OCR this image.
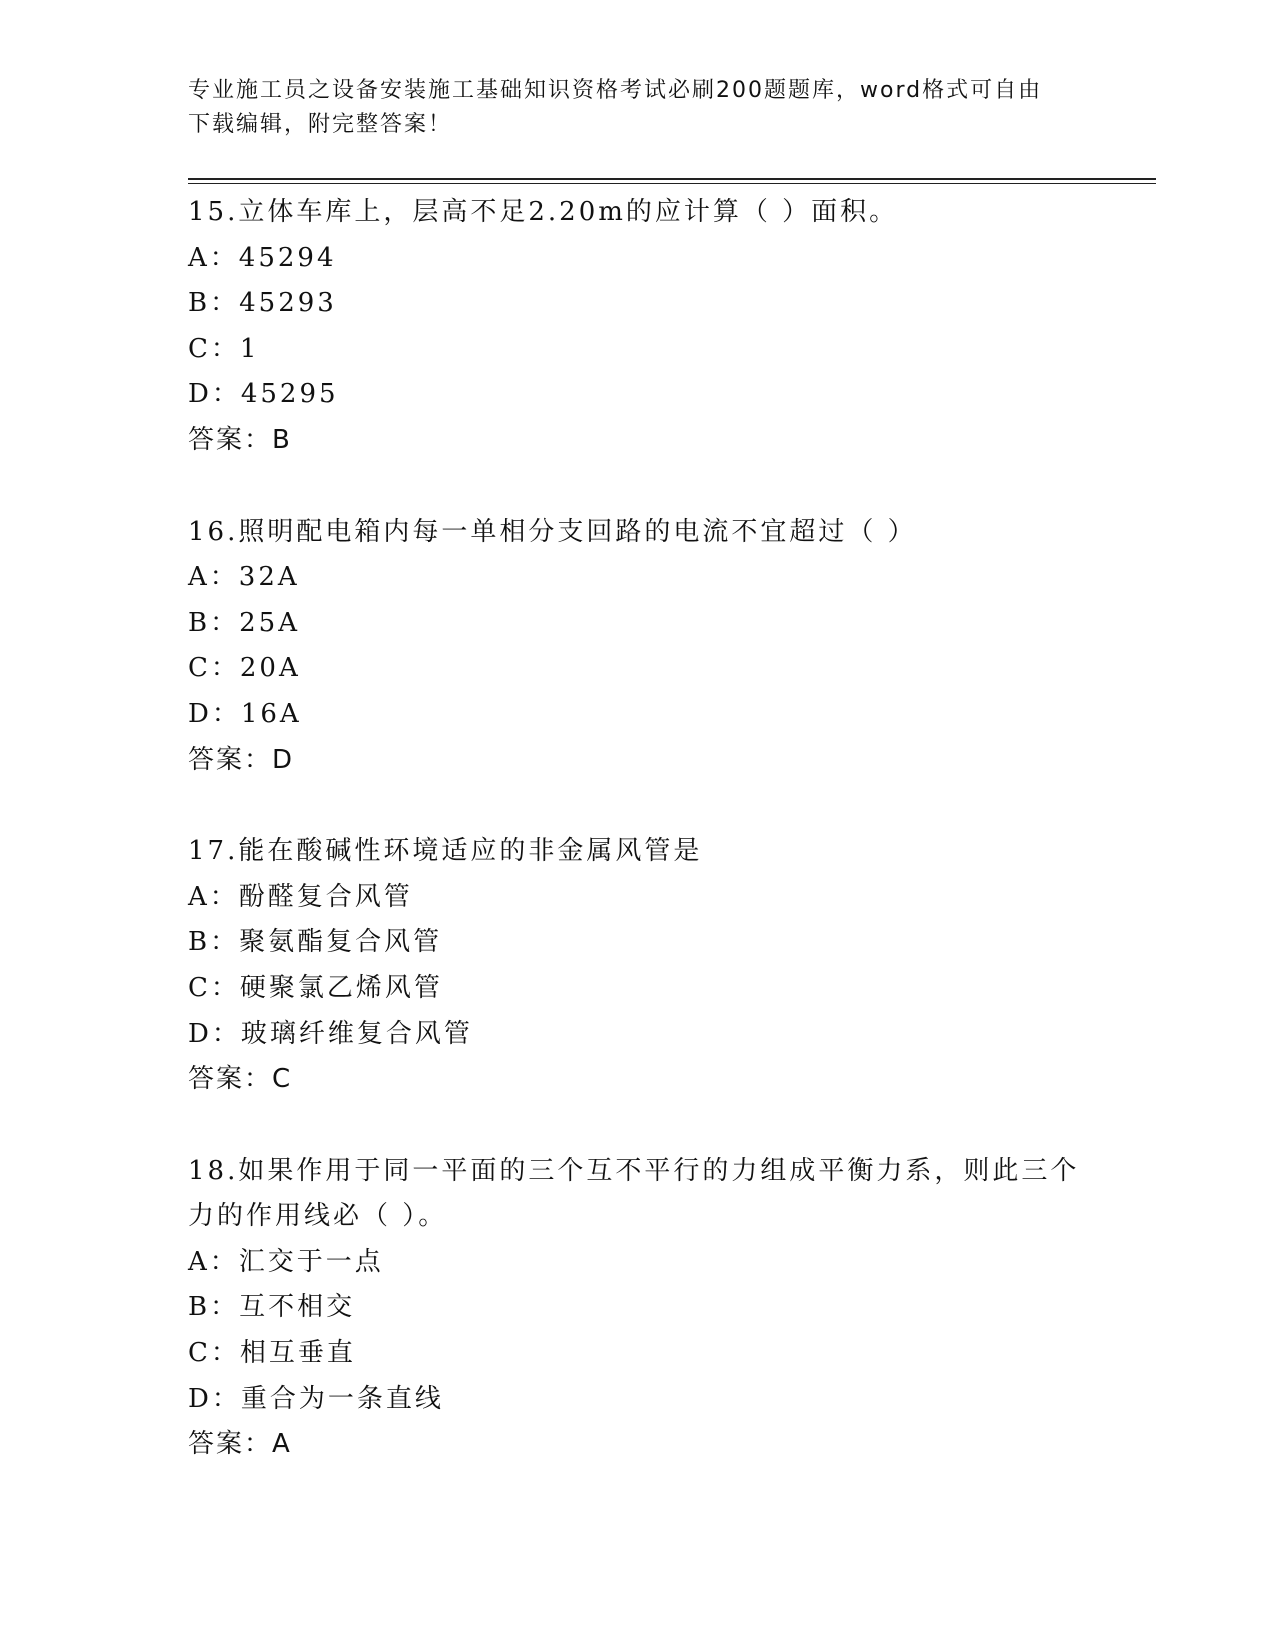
专业施工员之设备安装施工基础知识资格考试必刷200题题库，word格式可自由
下载编辑，附完整答案！
15.立体车库上，层高不足2.20m的应计算（ ）面积。
A：45294
B：45293
C：1
D：45295
答案：B
16.照明配电箱内每一单相分支回路的电流不宜超过（ ）
A：32A
B：25A
C：20A
D：16A
答案：D
17.能在酸碱性环境适应的非金属风管是
A：酚醛复合风管
B：聚氨酯复合风管
C：硬聚氯乙烯风管
D：玻璃纤维复合风管
答案：C
18.如果作用于同一平面的三个互不平行的力组成平衡力系，则此三个
力的作用线必（ ）。
A：汇交于一点
B：互不相交
C：相互垂直
D：重合为一条直线
答案：A
